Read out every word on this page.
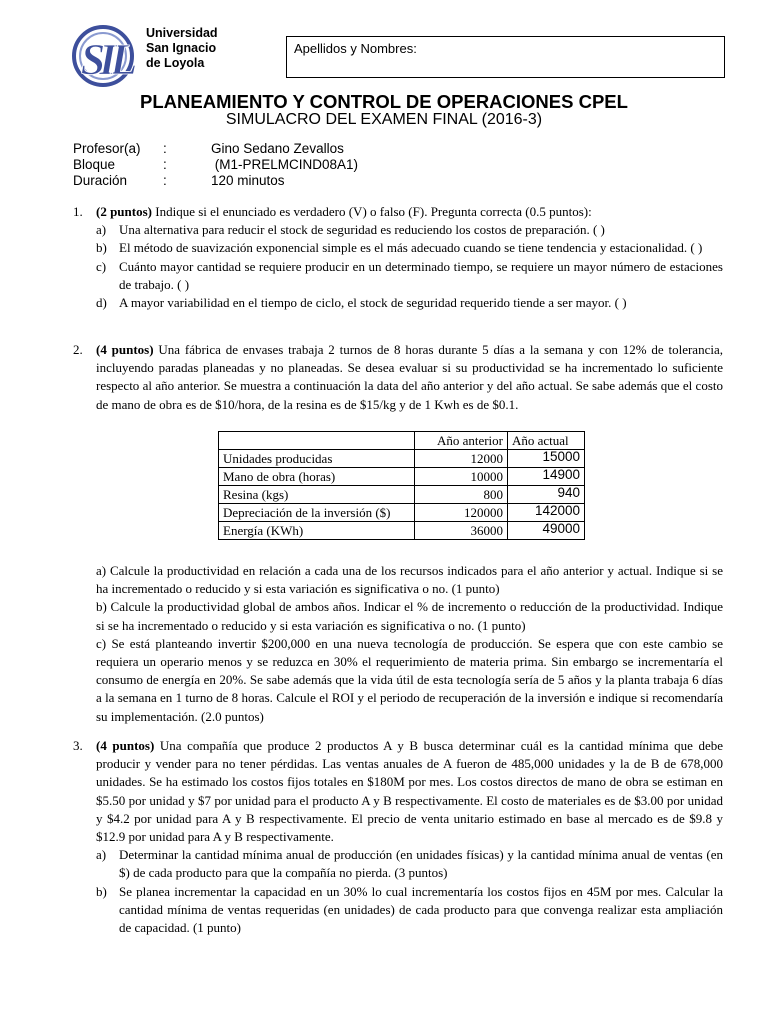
SIL
Universidad
San Ignacio
de Loyola
Apellidos y Nombres:
PLANEAMIENTO Y CONTROL DE OPERACIONES CPEL
SIMULACRO DEL EXAMEN FINAL (2016-3)
Profesor(a)	:	Gino Sedano Zevallos
Bloque	:	(M1-PRELMCIND08A1)
Duración	:	120 minutos
1. (2 puntos) Indique si el enunciado es verdadero (V) o falso (F). Pregunta correcta (0.5 puntos):
a) Una alternativa para reducir el stock de seguridad es reduciendo los costos de preparación. ( )
b) El método de suavización exponencial simple es el más adecuado cuando se tiene tendencia y estacionalidad. ( )
c) Cuánto mayor cantidad se requiere producir en un determinado tiempo, se requiere un mayor número de estaciones de trabajo. ( )
d) A mayor variabilidad en el tiempo de ciclo, el stock de seguridad requerido tiende a ser mayor. ( )
2. (4 puntos) Una fábrica de envases trabaja 2 turnos de 8 horas durante 5 días a la semana y con 12% de tolerancia, incluyendo paradas planeadas y no planeadas. Se desea evaluar si su productividad se ha incrementado lo suficiente respecto al año anterior. Se muestra a continuación la data del año anterior y del año actual. Se sabe además que el costo de mano de obra es de $10/hora, de la resina es de $15/kg y de 1 Kwh es de $0.1.
	Año anterior	Año actual
Unidades producidas	12000	15000
Mano de obra (horas)	10000	14900
Resina (kgs)	800	940
Depreciación de la inversión ($)	120000	142000
Energía (KWh)	36000	49000
a) Calcule la productividad en relación a cada una de los recursos indicados para el año anterior y actual. Indique si se ha incrementado o reducido y si esta variación es significativa o no. (1 punto)
b) Calcule la productividad global de ambos años. Indicar el % de incremento o reducción de la productividad. Indique si se ha incrementado o reducido y si esta variación es significativa o no. (1 punto)
c) Se está planteando invertir $200,000 en una nueva tecnología de producción. Se espera que con este cambio se requiera un operario menos y se reduzca en 30% el requerimiento de materia prima. Sin embargo se incrementaría el consumo de energía en 20%. Se sabe además que la vida útil de esta tecnología sería de 5 años y la planta trabaja 6 días a la semana en 1 turno de 8 horas. Calcule el ROI y el periodo de recuperación de la inversión e indique si recomendaría su implementación. (2.0 puntos)
3. (4 puntos) Una compañía que produce 2 productos A y B busca determinar cuál es la cantidad mínima que debe producir y vender para no tener pérdidas. Las ventas anuales de A fueron de 485,000 unidades y la de B de 678,000 unidades. Se ha estimado los costos fijos totales en $180M por mes. Los costos directos de mano de obra se estiman en $5.50 por unidad y $7 por unidad para el producto A y B respectivamente. El costo de materiales es de $3.00 por unidad y $4.2 por unidad para A y B respectivamente. El precio de venta unitario estimado en base al mercado es de $9.8 y $12.9 por unidad para A y B respectivamente.
a) Determinar la cantidad mínima anual de producción (en unidades físicas) y la cantidad mínima anual de ventas (en $) de cada producto para que la compañía no pierda. (3 puntos)
b) Se planea incrementar la capacidad en un 30% lo cual incrementaría los costos fijos en 45M por mes. Calcular la cantidad mínima de ventas requeridas (en unidades) de cada producto para que convenga realizar esta ampliación de capacidad. (1 punto)
